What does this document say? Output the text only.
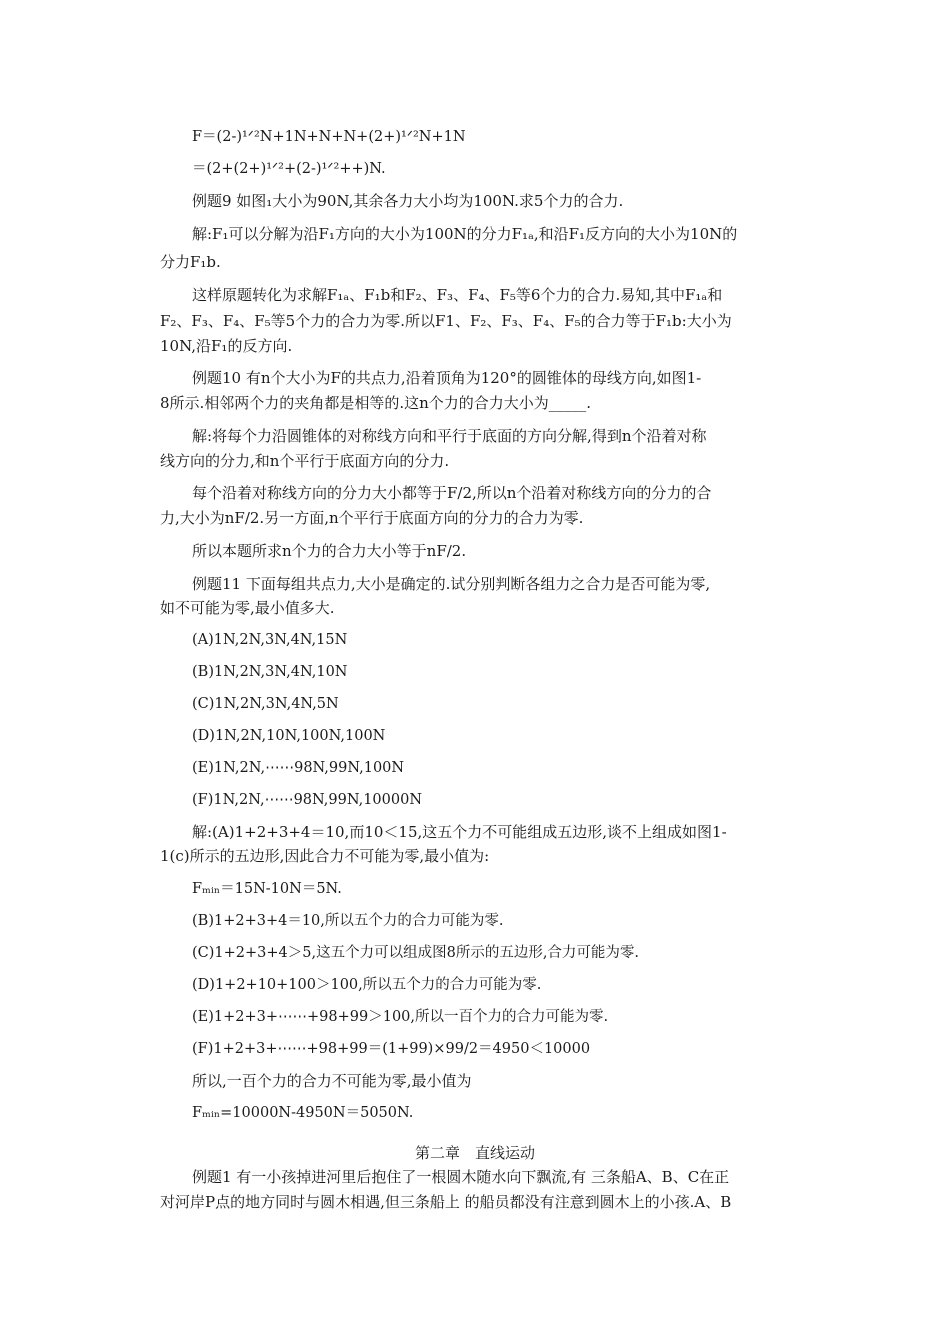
F＝(2-)¹ᐟ²N+1N+N+N+(2+)¹ᐟ²N+1N
＝(2+(2+)¹ᐟ²+(2-)¹ᐟ²++)N.
例题9 如图₁大小为90N,其余各力大小均为100N.求5个力的合力.
解:F₁可以分解为沿F₁方向的大小为100N的分力F₁ₐ,和沿F₁反方向的大小为10N的
分力F₁b.
这样原题转化为求解F₁ₐ、F₁b和F₂、F₃、F₄、F₅等6个力的合力.易知,其中F₁ₐ和
F₂、F₃、F₄、F₅等5个力的合力为零.所以F1、F₂、F₃、F₄、F₅的合力等于F₁b:大小为
10N,沿F₁的反方向.
例题10 有n个大小为F的共点力,沿着顶角为120°的圆锥体的母线方向,如图1-
8所示.相邻两个力的夹角都是相等的.这n个力的合力大小为_____.
解:将每个力沿圆锥体的对称线方向和平行于底面的方向分解,得到n个沿着对称
线方向的分力,和n个平行于底面方向的分力.
每个沿着对称线方向的分力大小都等于F/2,所以n个沿着对称线方向的分力的合
力,大小为nF/2.另一方面,n个平行于底面方向的分力的合力为零.
所以本题所求n个力的合力大小等于nF/2.
例题11 下面每组共点力,大小是确定的.试分别判断各组力之合力是否可能为零,
如不可能为零,最小值多大.
(A)1N,2N,3N,4N,15N
(B)1N,2N,3N,4N,10N
(C)1N,2N,3N,4N,5N
(D)1N,2N,10N,100N,100N
(E)1N,2N,⋯⋯98N,99N,100N
(F)1N,2N,⋯⋯98N,99N,10000N
解:(A)1+2+3+4＝10,而10＜15,这五个力不可能组成五边形,谈不上组成如图1-
1(c)所示的五边形,因此合力不可能为零,最小值为:
Fₘᵢₙ＝15N-10N＝5N.
(B)1+2+3+4＝10,所以五个力的合力可能为零.
(C)1+2+3+4＞5,这五个力可以组成图8所示的五边形,合力可能为零.
(D)1+2+10+100＞100,所以五个力的合力可能为零.
(E)1+2+3+⋯⋯+98+99＞100,所以一百个力的合力可能为零.
(F)1+2+3+⋯⋯+98+99＝(1+99)×99/2＝4950＜10000
所以,一百个力的合力不可能为零,最小值为
Fₘᵢₙ=10000N-4950N＝5050N.
第二章　直线运动
例题1 有一小孩掉进河里后抱住了一根圆木随水向下飘流,有 三条船A、B、C在正
对河岸P点的地方同时与圆木相遇,但三条船上 的船员都没有注意到圆木上的小孩.A、B
